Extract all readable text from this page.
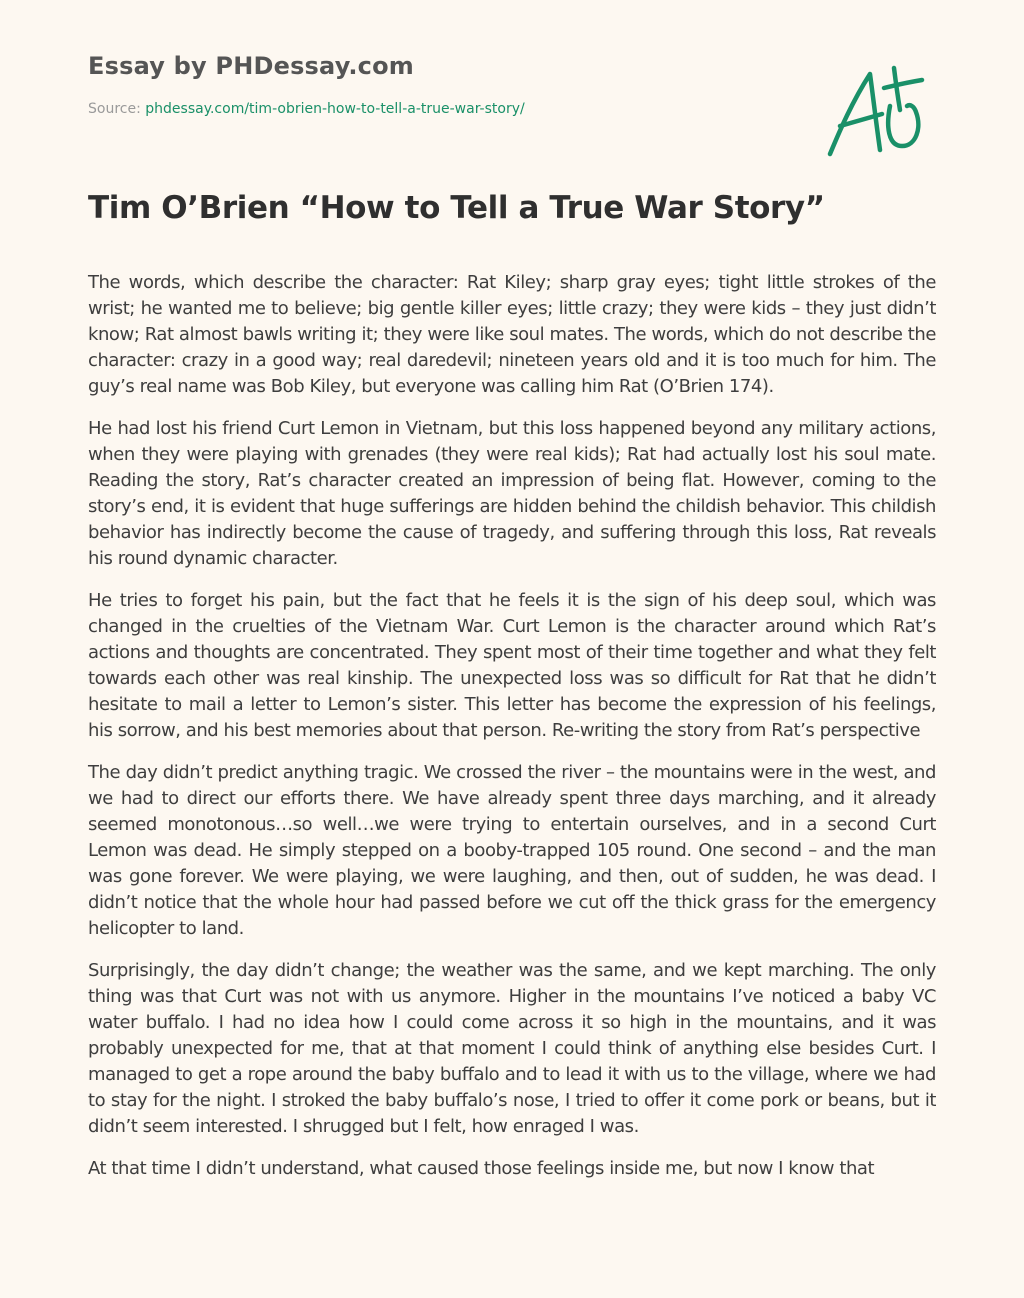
Essay by PHDessay.com

Source: phdessay.com/tim-obrien-how-to-tell-a-true-war-story/

Tim O’Brien “How to Tell a True War Story”

The words, which describe the character: Rat Kiley; sharp gray eyes; tight little strokes of the wrist; he wanted me to believe; big gentle killer eyes; little crazy; they were kids – they just didn’t know; Rat almost bawls writing it; they were like soul mates. The words, which do not describe the character: crazy in a good way; real daredevil; nineteen years old and it is too much for him. The guy’s real name was Bob Kiley, but everyone was calling him Rat (O’Brien 174).

He had lost his friend Curt Lemon in Vietnam, but this loss happened beyond any military actions, when they were playing with grenades (they were real kids); Rat had actually lost his soul mate. Reading the story, Rat’s character created an impression of being flat. However, coming to the story’s end, it is evident that huge sufferings are hidden behind the childish behavior. This childish behavior has indirectly become the cause of tragedy, and suffering through this loss, Rat reveals his round dynamic character.

He tries to forget his pain, but the fact that he feels it is the sign of his deep soul, which was changed in the cruelties of the Vietnam War. Curt Lemon is the character around which Rat’s actions and thoughts are concentrated. They spent most of their time together and what they felt towards each other was real kinship. The unexpected loss was so difficult for Rat that he didn’t hesitate to mail a letter to Lemon’s sister. This letter has become the expression of his feelings, his sorrow, and his best memories about that person. Re-writing the story from Rat’s perspective

The day didn’t predict anything tragic. We crossed the river – the mountains were in the west, and we had to direct our efforts there. We have already spent three days marching, and it already seemed monotonous…so well…we were trying to entertain ourselves, and in a second Curt Lemon was dead. He simply stepped on a booby-trapped 105 round. One second – and the man was gone forever. We were playing, we were laughing, and then, out of sudden, he was dead. I didn’t notice that the whole hour had passed before we cut off the thick grass for the emergency helicopter to land.

Surprisingly, the day didn’t change; the weather was the same, and we kept marching. The only thing was that Curt was not with us anymore. Higher in the mountains I’ve noticed a baby VC water buffalo. I had no idea how I could come across it so high in the mountains, and it was probably unexpected for me, that at that moment I could think of anything else besides Curt. I managed to get a rope around the baby buffalo and to lead it with us to the village, where we had to stay for the night. I stroked the baby buffalo’s nose, I tried to offer it come pork or beans, but it didn’t seem interested. I shrugged but I felt, how enraged I was.

At that time I didn’t understand, what caused those feelings inside me, but now I know that
